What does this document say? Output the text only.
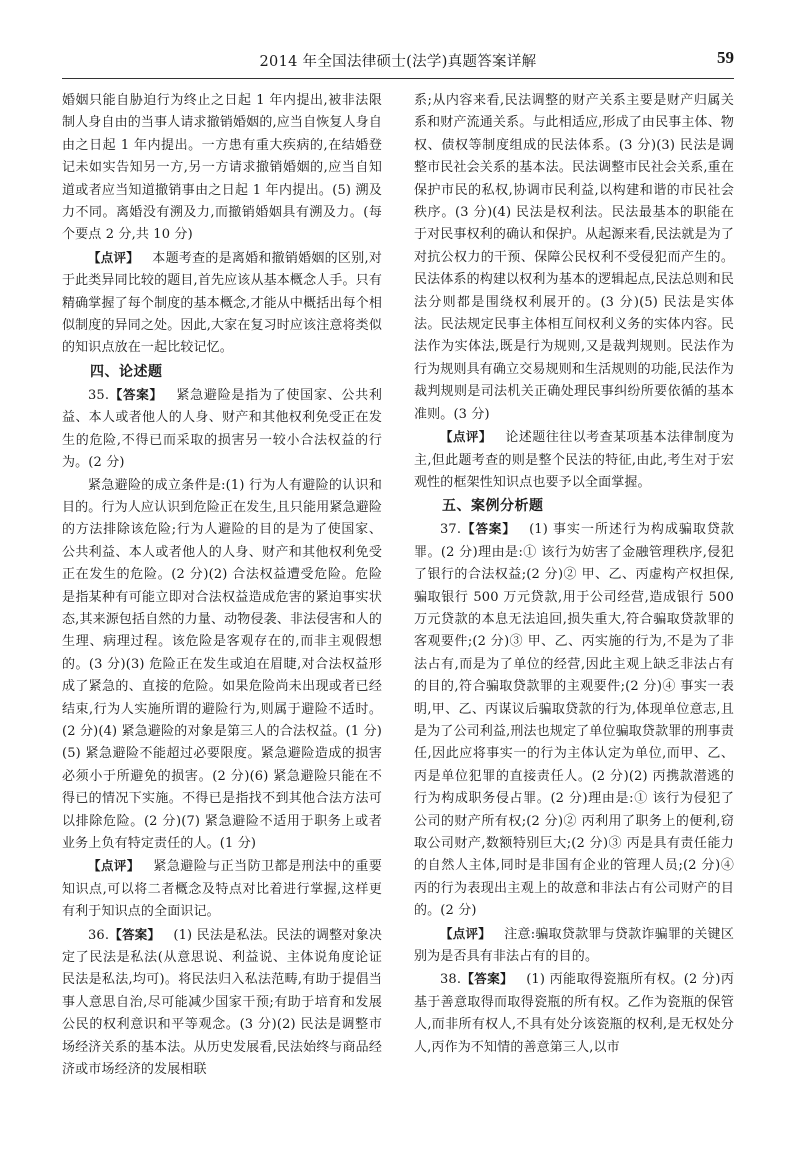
2014 年全国法律硕士(法学)真题答案详解	59

婚姻只能自胁迫行为终止之日起 1 年内提出,被非法限制人身自由的当事人请求撤销婚姻的,应当自恢复人身自由之日起 1 年内提出。一方患有重大疾病的,在结婚登记未如实告知另一方,另一方请求撤销婚姻的,应当自知道或者应当知道撤销事由之日起 1 年内提出。(5) 溯及力不同。离婚没有溯及力,而撤销婚姻具有溯及力。(每个要点 2 分,共 10 分)

【点评】  本题考查的是离婚和撤销婚姻的区别,对于此类异同比较的题目,首先应该从基本概念人手。只有精确掌握了每个制度的基本概念,才能从中概括出每个相似制度的异同之处。因此,大家在复习时应该注意将类似的知识点放在一起比较记忆。

四、论述题

35.【答案】  紧急避险是指为了使国家、公共利益、本人或者他人的人身、财产和其他权利免受正在发生的危险,不得已而采取的损害另一较小合法权益的行为。(2 分)

紧急避险的成立条件是:(1) 行为人有避险的认识和目的。行为人应认识到危险正在发生,且只能用紧急避险的方法排除该危险;行为人避险的目的是为了使国家、公共利益、本人或者他人的人身、财产和其他权利免受正在发生的危险。(2 分)(2) 合法权益遭受危险。危险是指某种有可能立即对合法权益造成危害的紧迫事实状态,其来源包括自然的力量、动物侵袭、非法侵害和人的生理、病理过程。该危险是客观存在的,而非主观假想的。(3 分)(3) 危险正在发生或迫在眉睫,对合法权益形成了紧急的、直接的危险。如果危险尚未出现或者已经结束,行为人实施所谓的避险行为,则属于避险不适时。(2 分)(4) 紧急避险的对象是第三人的合法权益。(1 分)(5) 紧急避险不能超过必要限度。紧急避险造成的损害必须小于所避免的损害。(2 分)(6) 紧急避险只能在不得已的情况下实施。不得已是指找不到其他合法方法可以排除危险。(2 分)(7) 紧急避险不适用于职务上或者业务上负有特定责任的人。(1 分)

【点评】  紧急避险与正当防卫都是刑法中的重要知识点,可以将二者概念及特点对比着进行掌握,这样更有利于知识点的全面识记。

36.【答案】  (1) 民法是私法。民法的调整对象决定了民法是私法(从意思说、利益说、主体说角度论证民法是私法,均可)。将民法归入私法范畴,有助于提倡当事人意思自治,尽可能减少国家干预;有助于培育和发展公民的权利意识和平等观念。(3 分)(2) 民法是调整市场经济关系的基本法。从历史发展看,民法始终与商品经济或市场经济的发展相联

系;从内容来看,民法调整的财产关系主要是财产归属关系和财产流通关系。与此相适应,形成了由民事主体、物权、债权等制度组成的民法体系。(3 分)(3) 民法是调整市民社会关系的基本法。民法调整市民社会关系,重在保护市民的私权,协调市民利益,以构建和谐的市民社会秩序。(3 分)(4) 民法是权利法。民法最基本的职能在于对民事权利的确认和保护。从起源来看,民法就是为了对抗公权力的干预、保障公民权利不受侵犯而产生的。民法体系的构建以权利为基本的逻辑起点,民法总则和民法分则都是围绕权利展开的。(3 分)(5) 民法是实体法。民法规定民事主体相互间权利义务的实体内容。民法作为实体法,既是行为规则,又是裁判规则。民法作为行为规则具有确立交易规则和生活规则的功能,民法作为裁判规则是司法机关正确处理民事纠纷所要依循的基本准则。(3 分)

【点评】  论述题往往以考查某项基本法律制度为主,但此题考查的则是整个民法的特征,由此,考生对于宏观性的框架性知识点也要予以全面掌握。

五、案例分析题

37.【答案】  (1) 事实一所述行为构成骗取贷款罪。(2 分)理由是:① 该行为妨害了金融管理秩序,侵犯了银行的合法权益;(2 分)② 甲、乙、丙虚构产权担保,骗取银行 500 万元贷款,用于公司经营,造成银行 500 万元贷款的本息无法追回,损失重大,符合骗取贷款罪的客观要件;(2 分)③ 甲、乙、丙实施的行为,不是为了非法占有,而是为了单位的经营,因此主观上缺乏非法占有的目的,符合骗取贷款罪的主观要件;(2 分)④ 事实一表明,甲、乙、丙谋议后骗取贷款的行为,体现单位意志,且是为了公司利益,刑法也规定了单位骗取贷款罪的刑事责任,因此应将事实一的行为主体认定为单位,而甲、乙、丙是单位犯罪的直接责任人。(2 分)(2) 丙携款潜逃的行为构成职务侵占罪。(2 分)理由是:① 该行为侵犯了公司的财产所有权;(2 分)② 丙利用了职务上的便利,窃取公司财产,数额特别巨大;(2 分)③ 丙是具有责任能力的自然人主体,同时是非国有企业的管理人员;(2 分)④ 丙的行为表现出主观上的故意和非法占有公司财产的目的。(2 分)

【点评】  注意:骗取贷款罪与贷款诈骗罪的关键区别为是否具有非法占有的目的。

38.【答案】  (1) 丙能取得瓷瓶所有权。(2 分)丙基于善意取得而取得瓷瓶的所有权。乙作为瓷瓶的保管人,而非所有权人,不具有处分该瓷瓶的权利,是无权处分人,丙作为不知情的善意第三人,以市
